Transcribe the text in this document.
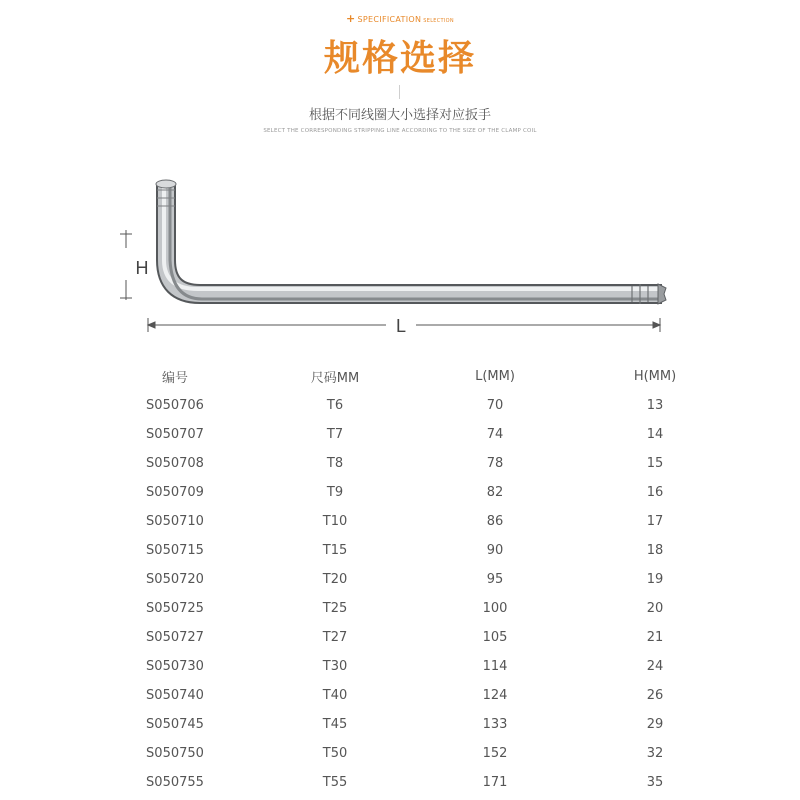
+ SPECIFICATION SELECTION
规格选择
根据不同线圈大小选择对应扳手
SELECT THE CORRESPONDING STRIPPING LINE ACCORDING TO THE SIZE OF THE CLAMP COIL
H
L
编号	尺码MM	L(MM)	H(MM)
S050706	T6	70	13
S050707	T7	74	14
S050708	T8	78	15
S050709	T9	82	16
S050710	T10	86	17
S050715	T15	90	18
S050720	T20	95	19
S050725	T25	100	20
S050727	T27	105	21
S050730	T30	114	24
S050740	T40	124	26
S050745	T45	133	29
S050750	T50	152	32
S050755	T55	171	35
